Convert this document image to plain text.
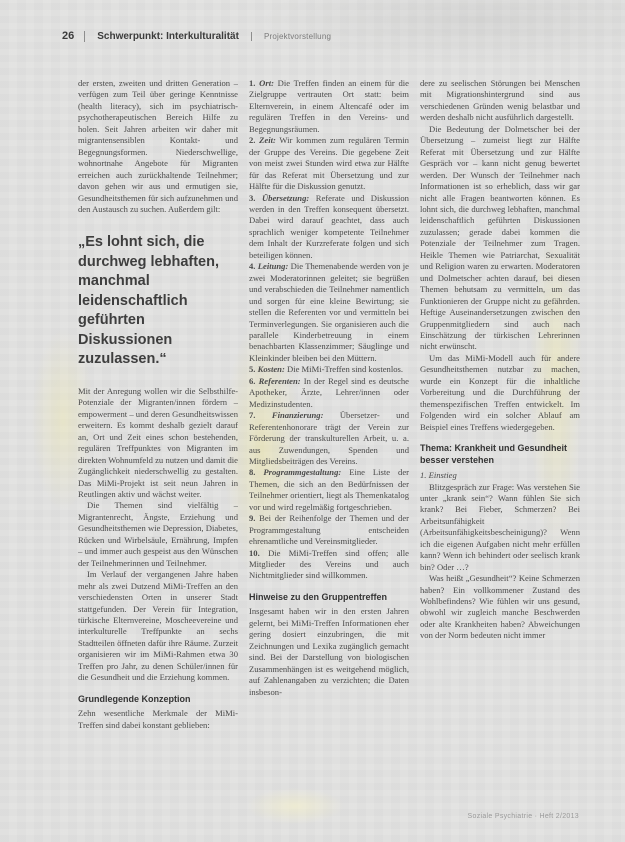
26	Schwerpunkt: Interkulturalität	Projektvorstellung

der ersten, zweiten und dritten Generation – verfügen zum Teil über geringe Kenntnisse (health literacy), sich im psychiatrisch-psychotherapeutischen Bereich Hilfe zu holen. Seit Jahren arbeiten wir daher mit migrantensensiblen Kontakt- und Begegnungsformen. Niederschwellige, wohnortnahe Angebote für Migranten erreichen auch zurückhaltende Teilnehmer; davon gehen wir aus und ermutigen sie, Gesundheitsthemen für sich aufzunehmen und den Austausch zu suchen. Außerdem gilt:

„Es lohnt sich, die durchweg lebhaften, manchmal leidenschaftlich geführten Diskussionen zuzulassen.“

Mit der Anregung wollen wir die Selbsthilfe-Potenziale der Migranten/innen fördern – empowerment – und deren Gesundheitswissen erweitern. Es kommt deshalb gezielt darauf an, Ort und Zeit eines schon bestehenden, regulären Treffpunktes von Migranten im direkten Wohnumfeld zu nutzen und damit die Zugänglichkeit niederschwellig zu gestalten. Das MiMi-Projekt ist seit neun Jahren in Reutlingen aktiv und wächst weiter.

Die Themen sind vielfältig – Migrantenrecht, Ängste, Erziehung und Gesundheitsthemen wie Depression, Diabetes, Rücken und Wirbelsäule, Ernährung, Impfen – und immer auch gespeist aus den Wünschen der Teilnehmerinnen und Teilnehmer.

Im Verlauf der vergangenen Jahre haben mehr als zwei Dutzend MiMi-Treffen an den verschiedensten Orten in unserer Stadt stattgefunden. Der Verein für Integration, türkische Elternvereine, Moscheevereine und interkulturelle Treffpunkte an sechs Stadtteilen öffneten dafür ihre Räume. Zurzeit organisieren wir im MiMi-Rahmen etwa 30 Treffen pro Jahr, zu denen Schüler/innen für die Gesundheit und die Erziehung kommen.

Grundlegende Konzeption

Zehn wesentliche Merkmale der MiMi-Treffen sind dabei konstant geblieben:

1. Ort: Die Treffen finden an einem für die Zielgruppe vertrauten Ort statt: beim Elternverein, in einem Altencafé oder im regulären Treffen in den Vereins- und Begegnungsräumen.
2. Zeit: Wir kommen zum regulären Termin der Gruppe des Vereins. Die gegebene Zeit von meist zwei Stunden wird etwa zur Hälfte für das Referat mit Übersetzung und zur Hälfte für die Diskussion genutzt.
3. Übersetzung: Referate und Diskussion werden in den Treffen konsequent übersetzt. Dabei wird darauf geachtet, dass auch sprachlich weniger kompetente Teilnehmer dem Inhalt der Kurzreferate folgen und sich beteiligen können.
4. Leitung: Die Themenabende werden von je zwei Moderatorinnen geleitet; sie begrüßen und verabschieden die Teilnehmer namentlich und sorgen für eine kleine Bewirtung; sie stellen die Referenten vor und vermitteln bei Terminverlegungen. Sie organisieren auch die parallele Kinderbetreuung in einem benachbarten Klassenzimmer; Säuglinge und Kleinkinder bleiben bei den Müttern.
5. Kosten: Die MiMi-Treffen sind kostenlos.
6. Referenten: In der Regel sind es deutsche Apotheker, Ärzte, Lehrer/innen oder Medizinstudenten.
7. Finanzierung: Übersetzer- und Referentenhonorare trägt der Verein zur Förderung der transkulturellen Arbeit, u. a. aus Zuwendungen, Spenden und Mitgliedsbeiträgen des Vereins.
8. Programmgestaltung: Eine Liste der Themen, die sich an den Bedürfnissen der Teilnehmer orientiert, liegt als Themenkatalog vor und wird regelmäßig fortgeschrieben.
9. Bei der Reihenfolge der Themen und der Programmgestaltung entscheiden ehrenamtliche und Vereinsmitglieder.
10. Die MiMi-Treffen sind offen; alle Mitglieder des Vereins und auch Nichtmitglieder sind willkommen.
Hinweise zu den Gruppentreffen

Insgesamt haben wir in den ersten Jahren gelernt, bei MiMi-Treffen Informationen eher gering dosiert einzubringen, die mit Zeichnungen und Lexika zugänglich gemacht sind. Bei der Darstellung von biologischen Zusammenhängen ist es weitgehend möglich, auf Zahlenangaben zu verzichten; die Daten insbeson-

dere zu seelischen Störungen bei Menschen mit Migrationshintergrund sind aus verschiedenen Gründen wenig belastbar und werden deshalb nicht ausführlich dargestellt.

Die Bedeutung der Dolmetscher bei der Übersetzung – zumeist liegt zur Hälfte Referat mit Übersetzung und zur Hälfte Gespräch vor – kann nicht genug bewertet werden. Der Wunsch der Teilnehmer nach Informationen ist so erheblich, dass wir gar nicht alle Fragen beantworten können. Es lohnt sich, die durchweg lebhaften, manchmal leidenschaftlich geführten Diskussionen zuzulassen; gerade dabei kommen die Potenziale der Teilnehmer zum Tragen. Heikle Themen wie Patriarchat, Sexualität und Religion waren zu erwarten. Moderatoren und Dolmetscher achten darauf, bei diesen Themen behutsam zu vermitteln, um das Funktionieren der Gruppe nicht zu gefährden. Heftige Auseinandersetzungen zwischen den Gruppenmitgliedern sind auch nach Einschätzung der türkischen Lehrerinnen nicht erwünscht.

Um das MiMi-Modell auch für andere Gesundheitsthemen nutzbar zu machen, wurde ein Konzept für die inhaltliche Vorbereitung und die Durchführung der themenspezifischen Treffen entwickelt. Im Folgenden wird ein solcher Ablauf am Beispiel eines Treffens wiedergegeben.

Thema: Krankheit und Gesundheit besser verstehen

1. Einstieg

Blitzgespräch zur Frage: Was verstehen Sie unter „krank sein“? Wann fühlen Sie sich krank? Bei Fieber, Schmerzen? Bei Arbeitsunfähigkeit (Arbeitsunfähigkeitsbescheinigung)? Wenn ich die eigenen Aufgaben nicht mehr erfüllen kann? Wenn ich behindert oder seelisch krank bin? Oder …?

Was heißt „Gesundheit“? Keine Schmerzen haben? Ein vollkommener Zustand des Wohlbefindens? Wie fühlen wir uns gesund, obwohl wir zugleich manche Beschwerden oder alte Krankheiten haben? Abweichungen von der Norm bedeuten nicht immer

Soziale Psychiatrie · Heft 2/2013
